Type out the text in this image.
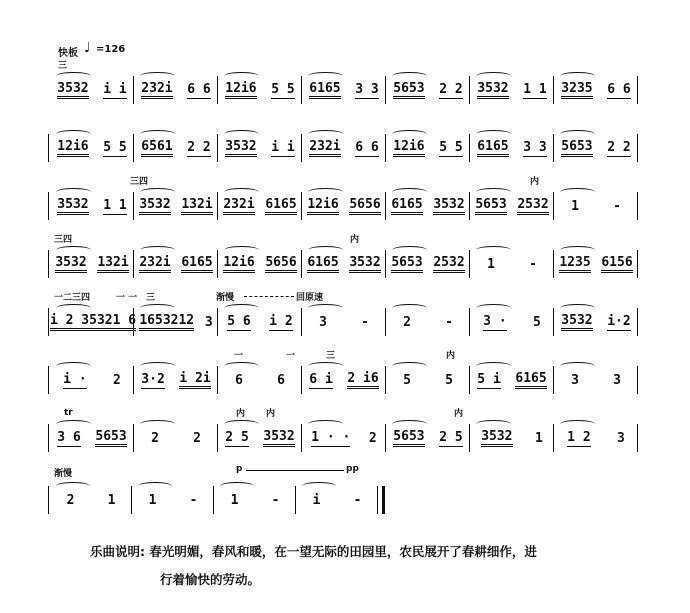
快板 ♩ =126
三
3532 i i 232i 6 6 12i6 5 5 6165 3 3 5653 2 2 3532 1 1 3235 6 6
12i6 5 5 6561 2 2 3532 i i 232i 6 6 12i6 5 5 6165 3 3 5653 2 2
3532 1 1 3532 132i 232i 6165 12i6 5656 6165 3532 5653 2532 1	-
三四	内
3532 132i 232i 6165 12i6 5656 6165 3532 5653 2532 1	- 1235 6156
三四	内
i 2 3 5321 6 1653212 3 5 6 i 2 3	-	2	- 3 · 5 3532 i·2
一二三四	一 一 三	渐慢	回原速
i · 2 3·2 i 2i 6	6 6 i 2 i6 5	5 5 i 6165 3	3
一	一	三	内
3 6 5653 2	2 2 5 3532 1 · · 2 5653 2 5 3532 1 1 2 3
tr	内 内	内
2	1	1	-	1	-	i	-
渐慢	p	pp
乐曲说明: 春光明媚，春风和暖，在一望无际的田园里，农民展开了春耕细作，进
行着愉快的劳动。
